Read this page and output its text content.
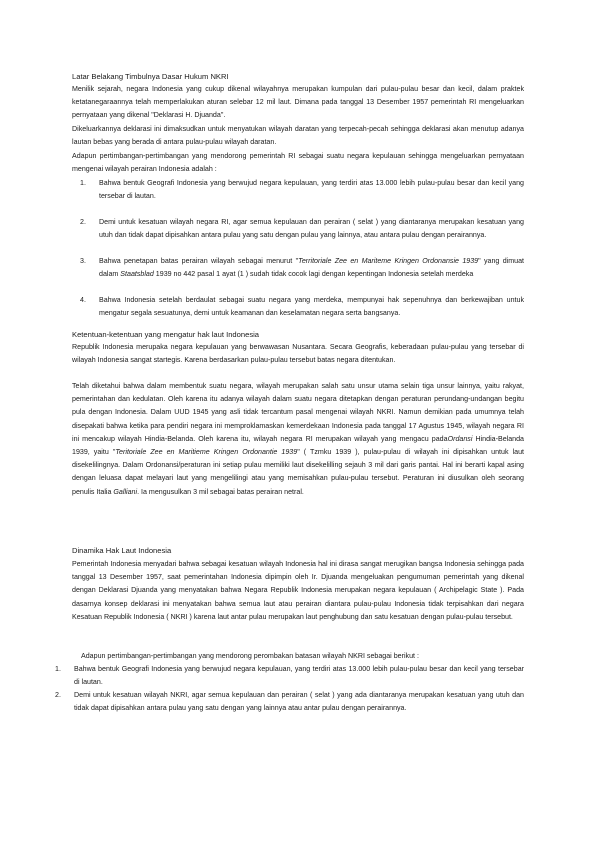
Latar Belakang Timbulnya Dasar Hukum NKRI

Menilik sejarah, negara Indonesia yang cukup dikenal wilayahnya merupakan kumpulan dari pulau-pulau besar dan kecil, dalam praktek ketatanegaraannya telah memperlakukan aturan selebar 12 mil laut. Dimana pada tanggal 13 Desember 1957 pemerintah RI mengeluarkan pernyataan yang dikenal "Deklarasi H. Djuanda".

Dikeluarkannya deklarasi ini dimaksudkan untuk menyatukan wilayah daratan yang terpecah-pecah sehingga deklarasi akan menutup adanya lautan bebas yang berada di antara pulau-pulau wilayah daratan.

Adapun pertimbangan-pertimbangan yang mendorong pemerintah RI sebagai suatu negara kepulauan sehingga mengeluarkan pernyataan mengenai wilayah perairan Indonesia adalah :

1. Bahwa bentuk Geografi Indonesia yang berwujud negara kepulauan, yang terdiri atas 13.000 lebih pulau-pulau besar dan kecil yang tersebar di lautan.
2. Demi untuk kesatuan wilayah negara RI, agar semua kepulauan dan perairan ( selat ) yang diantaranya merupakan kesatuan yang utuh dan tidak dapat dipisahkan antara pulau yang satu dengan pulau yang lainnya, atau antara pulau dengan perairannya.
3. Bahwa penetapan batas perairan wilayah sebagai menurut "Territoriale Zee en Mariteme Kringen Ordonansie 1939" yang dimuat dalam Staatsblad 1939 no 442 pasal 1 ayat (1 ) sudah tidak cocok lagi dengan kepentingan Indonesia setelah merdeka
4. Bahwa Indonesia setelah berdaulat sebagai suatu negara yang merdeka, mempunyai hak sepenuhnya dan berkewajiban untuk mengatur segala sesuatunya, demi untuk keamanan dan keselamatan negara serta bangsanya.

Ketentuan-ketentuan yang mengatur hak laut Indonesia

Republik Indonesia merupaka negara kepulauan yang berwawasan Nusantara. Secara Geografis, keberadaan pulau-pulau yang tersebar di wilayah Indonesia sangat startegis. Karena berdasarkan pulau-pulau tersebut batas negara ditentukan.

Telah diketahui bahwa dalam membentuk suatu negara, wilayah merupakan salah satu unsur utama selain tiga unsur lainnya, yaitu rakyat, pemerintahan dan kedulatan. Oleh karena itu adanya wilayah dalam suatu negara ditetapkan dengan peraturan perundang-undangan begitu pula dengan Indonesia. Dalam UUD 1945 yang asli tidak tercantum pasal mengenai wilayah NKRI. Namun demikian pada umumnya telah disepakati bahwa ketika para pendiri negara ini memproklamaskan kemerdekaan Indonesia pada tanggal 17 Agustus 1945, wilayah negara RI ini mencakup wilayah Hindia-Belanda. Oleh karena itu, wilayah negara RI merupakan wilayah yang mengacu padaOrdansi Hindia-Belanda 1939, yaitu "Teritoriale Zee en Maritieme Kringen Ordonantie 1939" ( Tzmku 1939 ), pulau-pulau di wilayah ini dipisahkan untuk laut disekelilingnya. Dalam Ordonansi/peraturan ini setiap pulau memiliki laut disekelilling sejauh 3 mil dari garis pantai. Hal ini berarti kapal asing dengan leluasa dapat melayari laut yang mengelilingi atau yang memisahkan pulau-pulau tersebut. Peraturan ini diusulkan oleh seorang penulis Italia Galliani. Ia mengusulkan 3 mil sebagai batas perairan netral.

Dinamika Hak Laut Indonesia

Pemerintah Indonesia menyadari bahwa sebagai kesatuan wilayah Indonesia hal ini dirasa sangat merugikan bangsa Indonesia sehingga pada tanggal 13 Desember 1957, saat pemerintahan Indonesia dipimpin oleh Ir. Djuanda mengeluakan pengumuman pemerintah yang dikenal dengan Deklarasi Djuanda yang menyatakan bahwa Negara Republik Indonesia merupakan negara kepulauan ( Archipelagic State ). Pada dasarnya konsep deklarasi ini menyatakan bahwa semua laut atau perairan diantara pulau-pulau Indonesia tidak terpisahkan dari negara Kesatuan Republik Indonesia ( NKRI ) karena laut antar pulau merupakan laut penghubung dan satu kesatuan dengan pulau-pulau tersebut.

Adapun pertimbangan-pertimbangan yang mendorong perombakan batasan wilayah NKRI sebagai berikut :

1. Bahwa bentuk Geografi Indonesia yang berwujud negara kepulauan, yang terdiri atas 13.000 lebih pulau-pulau besar dan kecil yang tersebar di lautan.
2. Demi untuk kesatuan wilayah NKRI, agar semua kepulauan dan perairan ( selat ) yang ada diantaranya merupakan kesatuan yang utuh dan tidak dapat dipisahkan antara pulau yang satu dengan yang lainnya atau antar pulau dengan perairannya.
